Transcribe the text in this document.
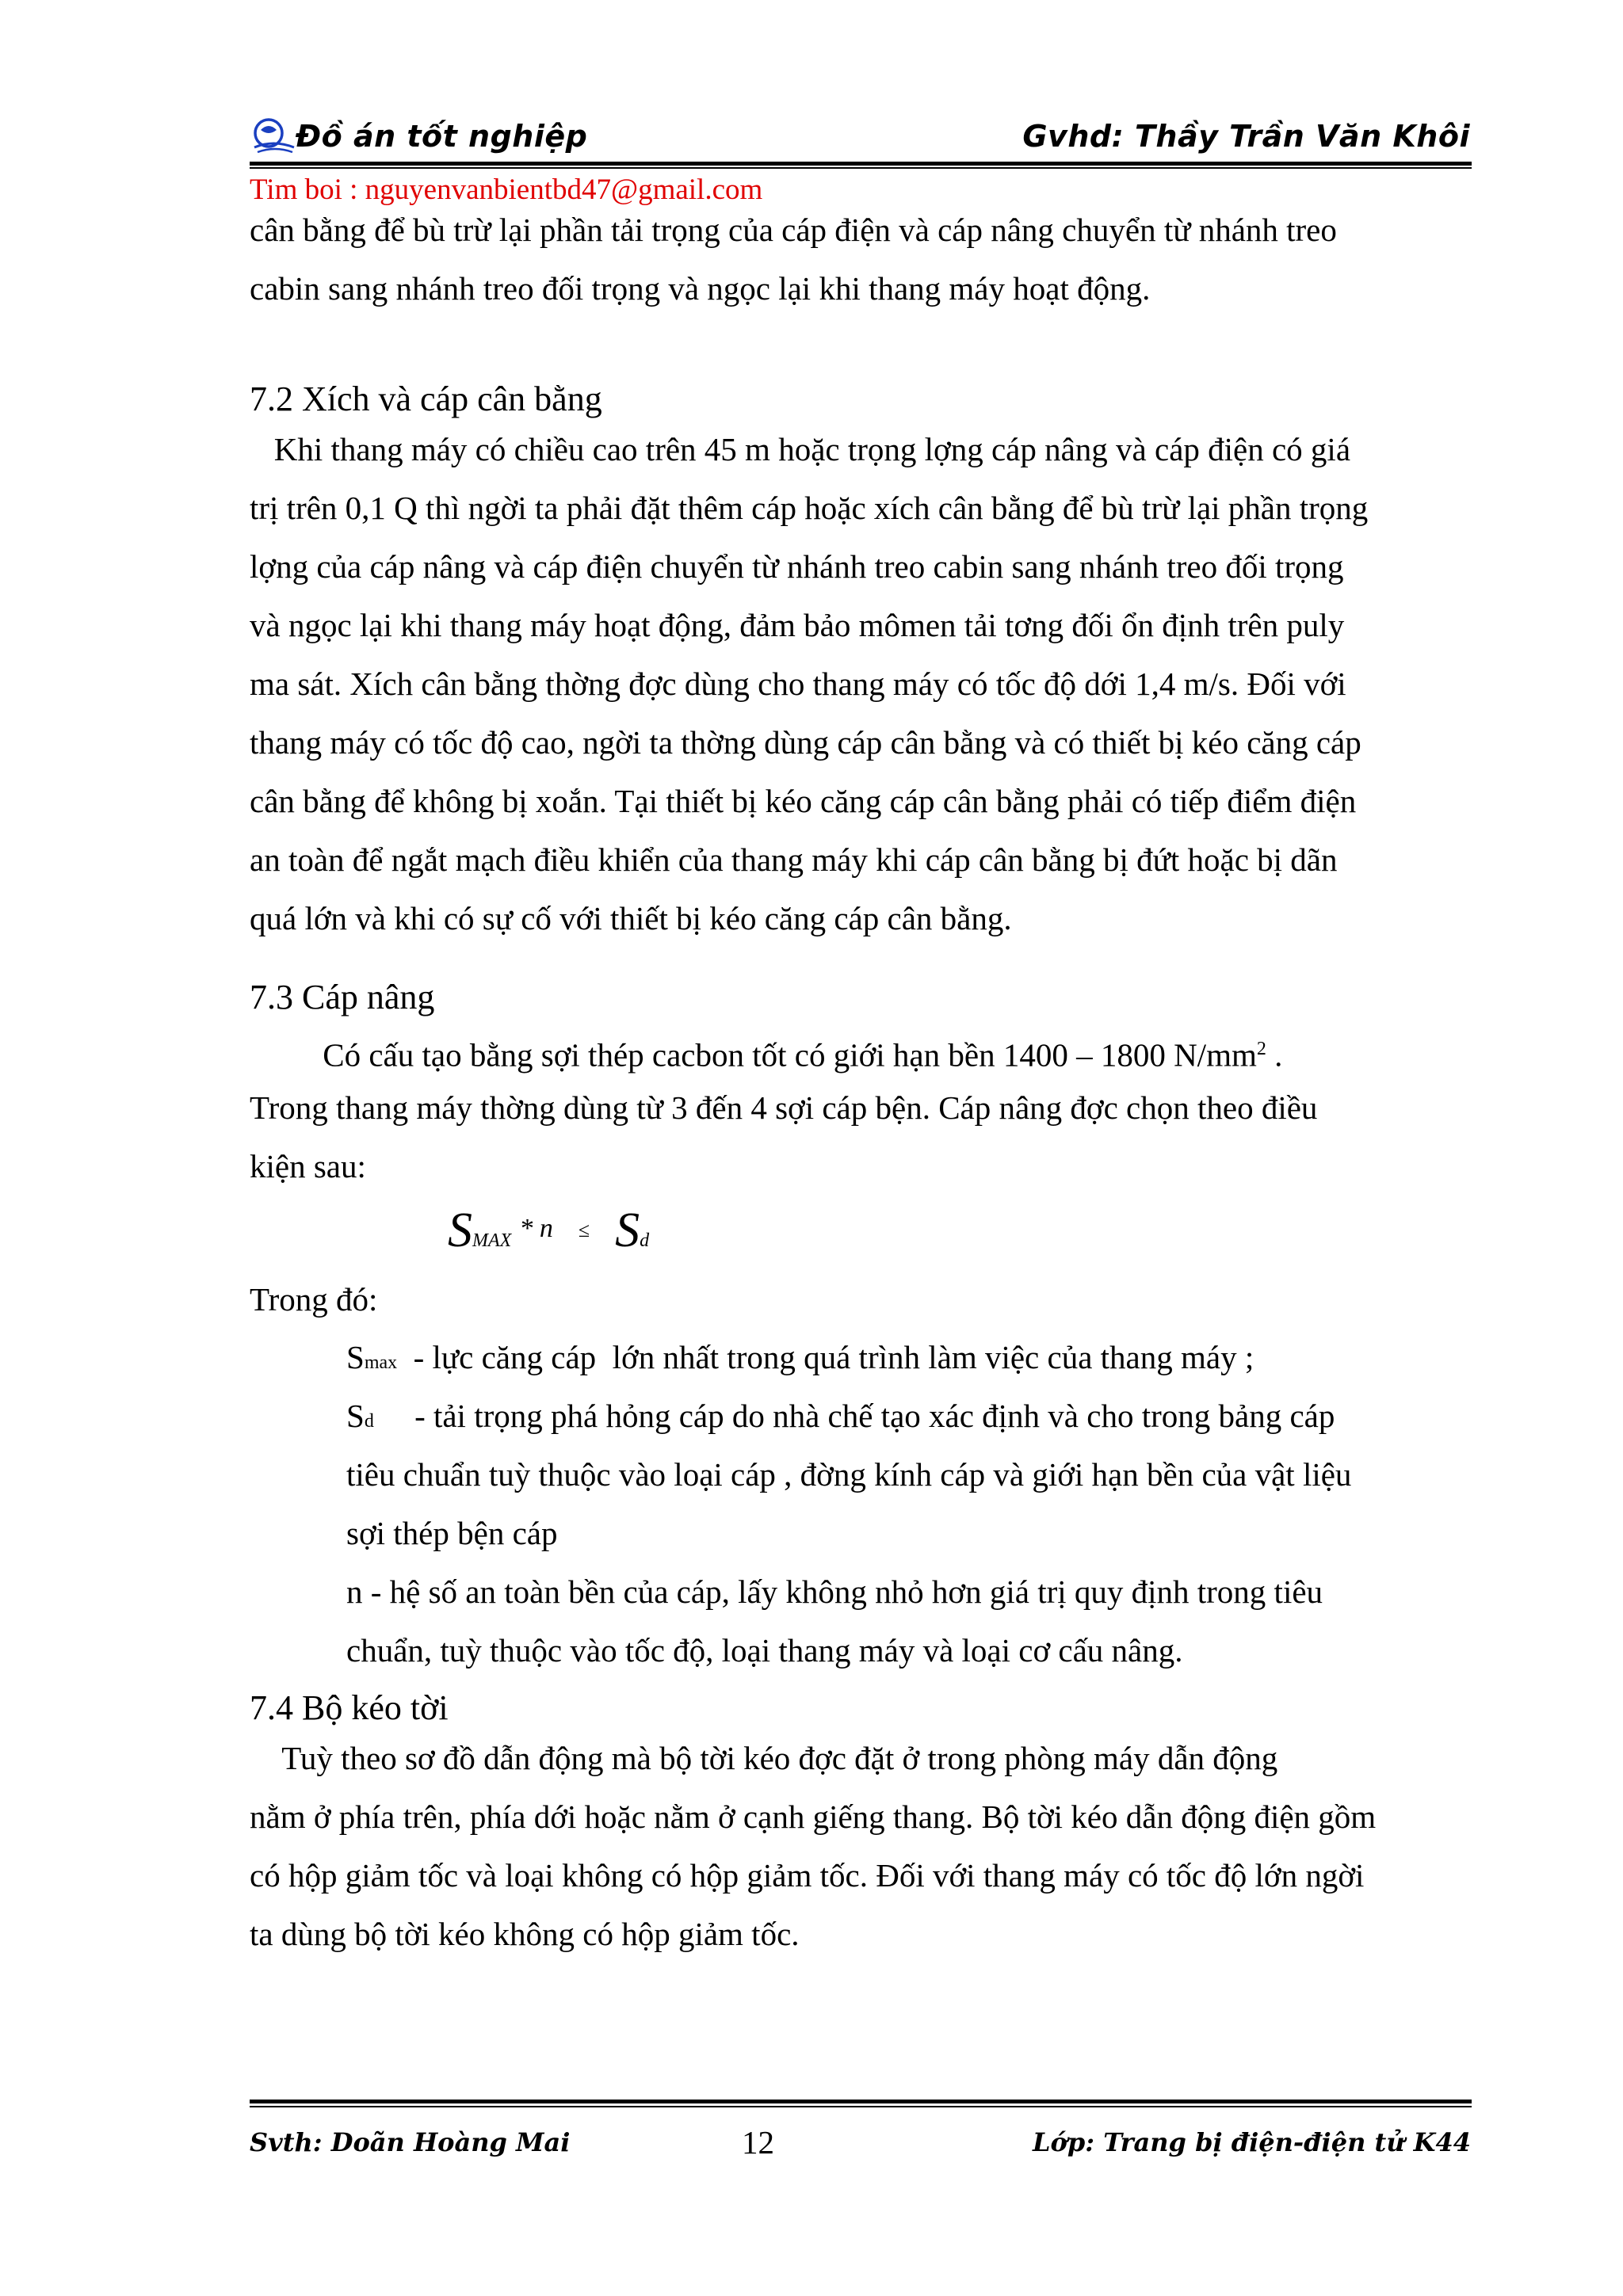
Đồ án tốt nghiệp	Gvhd: Thầy Trần Văn Khôi
Tim boi : nguyenvanbientbd47@gmail.com
cân bằng để bù trừ lại phần tải trọng của cáp điện và cáp nâng chuyển từ nhánh treo
cabin sang nhánh treo đối trọng và ngọc lại khi thang máy hoạt động.
7.2 Xích và cáp cân bằng
Khi thang máy có chiều cao trên 45 m hoặc trọng lợng cáp nâng và cáp điện có giá
trị trên 0,1 Q thì ngời ta phải đặt thêm cáp hoặc xích cân bằng để bù trừ lại phần trọng
lợng của cáp nâng và cáp điện chuyển từ nhánh treo cabin sang nhánh treo đối trọng
và ngọc lại khi thang máy hoạt động, đảm bảo mômen tải tơng đối ổn định trên puly
ma sát. Xích cân bằng thờng đợc dùng cho thang máy có tốc độ dới 1,4 m/s. Đối với
thang máy có tốc độ cao, ngời ta thờng dùng cáp cân bằng và có thiết bị kéo căng cáp
cân bằng để không bị xoắn. Tại thiết bị kéo căng cáp cân bằng phải có tiếp điểm điện
an toàn để ngắt mạch điều khiển của thang máy khi cáp cân bằng bị đứt hoặc bị dãn
quá lớn và khi có sự cố với thiết bị kéo căng cáp cân bằng.
7.3 Cáp nâng
Có cấu tạo bằng sợi thép cacbon tốt có giới hạn bền 1400 – 1800 $N/mm^2$ .
Trong thang máy thờng dùng từ 3 đến 4 sợi cáp bện. Cáp nâng đợc chọn theo điều
kiện sau:
SMAX * n ≤ Sd
Trong đó:
Smax  - lực căng cáp  lớn nhất trong quá trình làm việc của thang máy ;
Sd     - tải trọng phá hỏng cáp do nhà chế tạo xác định và cho trong bảng cáp
tiêu chuẩn tuỳ thuộc vào loại cáp , đờng kính cáp và giới hạn bền của vật liệu
sợi thép bện cáp
n - hệ số an toàn bền của cáp, lấy không nhỏ hơn giá trị quy định trong tiêu
chuẩn, tuỳ thuộc vào tốc độ, loại thang máy và loại cơ cấu nâng.
7.4 Bộ kéo tời
Tuỳ theo sơ đồ dẫn động mà bộ tời kéo đợc đặt ở trong phòng máy dẫn động
nằm ở phía trên, phía dới hoặc nằm ở cạnh giếng thang. Bộ tời kéo dẫn động điện gồm
có hộp giảm tốc và loại không có hộp giảm tốc. Đối với thang máy có tốc độ lớn ngời
ta dùng bộ tời kéo không có hộp giảm tốc.
Svth: Doãn Hoàng Mai	12	Lớp: Trang bị điện-điện tử K44
